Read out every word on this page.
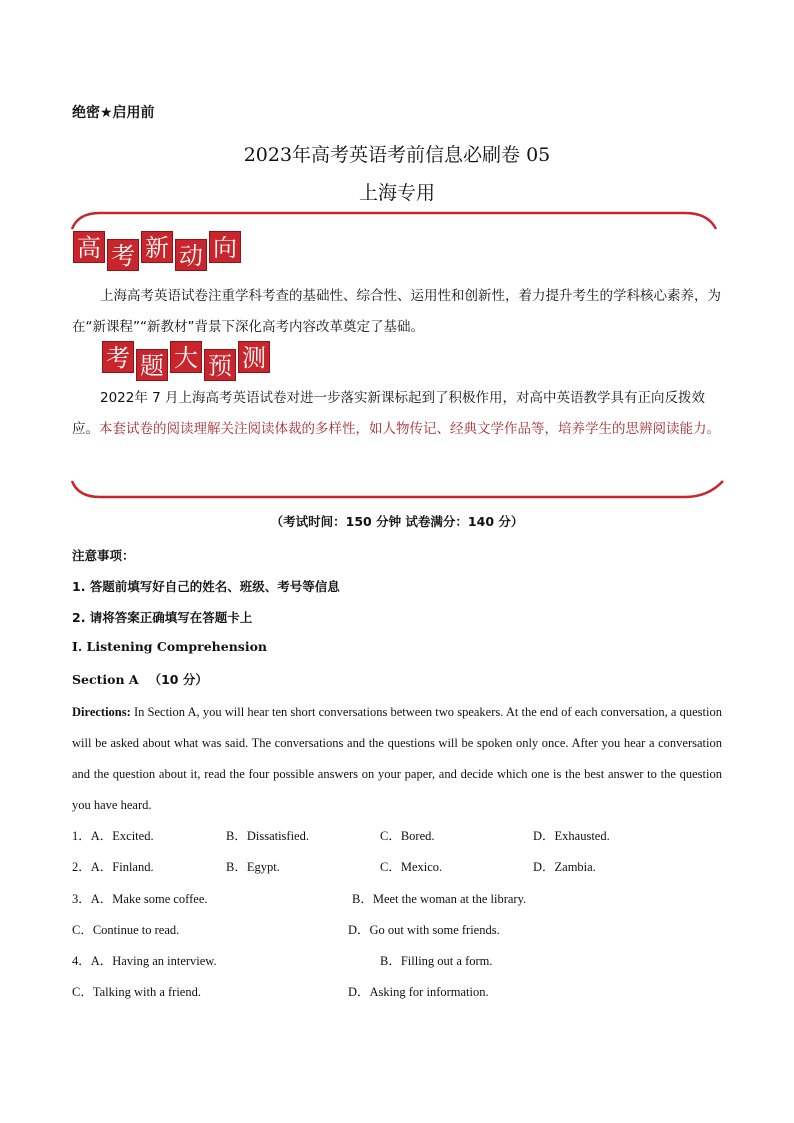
绝密★启用前
2023年高考英语考前信息必刷卷 05
上海专用
高 考 新 动 向
上海高考英语试卷注重学科考查的基础性、综合性、运用性和创新性，着力提升考生的学科核心素养，为在“新课程”“新教材”背景下深化高考内容改革奠定了基础。
考 题 大 预 测
2022年 7 月上海高考英语试卷对进一步落实新课标起到了积极作用，对高中英语教学具有正向反拨效应。本套试卷的阅读理解关注阅读体裁的多样性，如人物传记、经典文学作品等，培养学生的思辨阅读能力。
（考试时间：150 分钟 试卷满分：140 分）
注意事项：
1. 答题前填写好自己的姓名、班级、考号等信息
2. 请将答案正确填写在答题卡上
I. Listening Comprehension
Section A （10 分）
Directions: In Section A, you will hear ten short conversations between two speakers. At the end of each conversation, a question will be asked about what was said. The conversations and the questions will be spoken only once. After you hear a conversation and the question about it, read the four possible answers on your paper, and decide which one is the best answer to the question you have heard.
1．A．Excited.	B．Dissatisfied.	C．Bored.	D．Exhausted.
2．A．Finland.	B．Egypt.	C．Mexico.	D．Zambia.
3．A．Make some coffee.	B．Meet the woman at the library.
C．Continue to read.	D．Go out with some friends.
4．A．Having an interview.	B．Filling out a form.
C．Talking with a friend.	D．Asking for information.
